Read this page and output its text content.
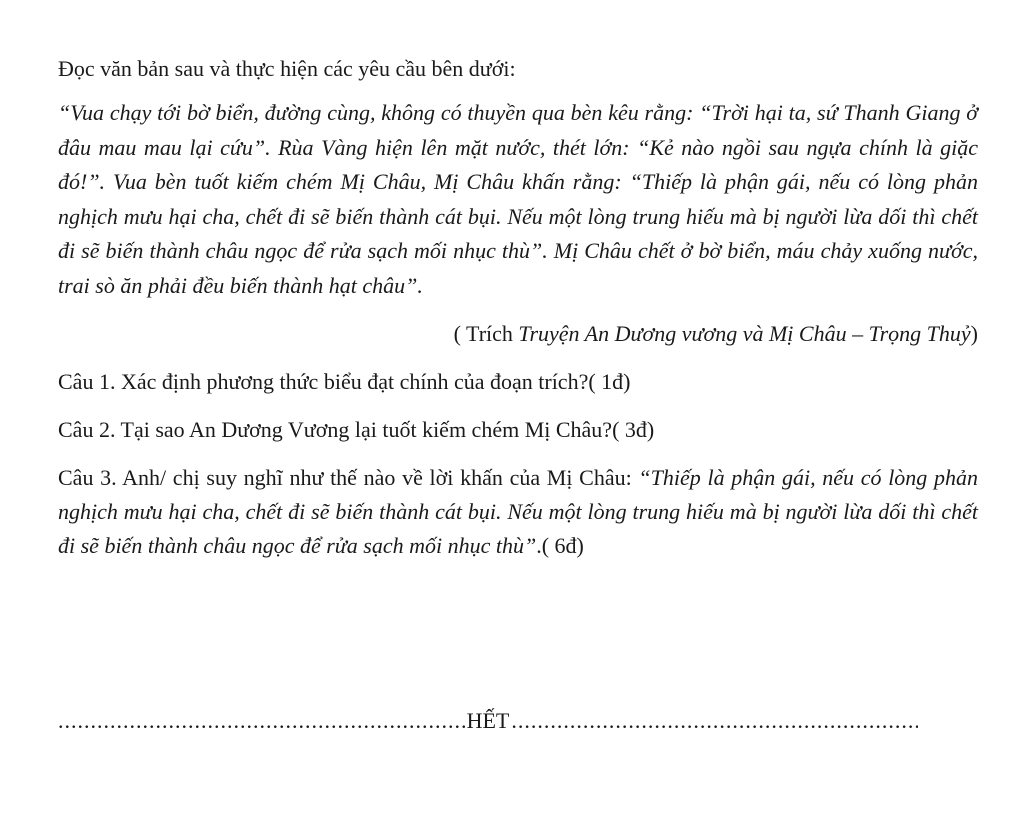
Đọc văn bản sau và thực hiện các yêu cầu bên dưới:

“Vua chạy tới bờ biển, đường cùng, không có thuyền qua bèn kêu rằng: “Trời hại ta, sứ Thanh Giang ở đâu mau mau lại cứu”. Rùa Vàng hiện lên mặt nước, thét lớn: “Kẻ nào ngồi sau ngựa chính là giặc đó!”. Vua bèn tuốt kiếm chém Mị Châu, Mị Châu khấn rằng: “Thiếp là phận gái, nếu có lòng phản nghịch mưu hại cha, chết đi sẽ biến thành cát bụi. Nếu một lòng trung hiếu mà bị người lừa dối thì chết đi sẽ biến thành châu ngọc để rửa sạch mối nhục thù”. Mị Châu chết ở bờ biển, máu chảy xuống nước, trai sò ăn phải đều biến thành hạt châu”.

( Trích Truyện An Dương vương và Mị Châu – Trọng Thuỷ)

Câu 1. Xác định phương thức biểu đạt chính của đoạn trích?( 1đ)

Câu 2. Tại sao An Dương Vương lại tuốt kiếm chém Mị Châu?( 3đ)

Câu 3. Anh/ chị suy nghĩ như thế nào về lời khấn của Mị Châu: “Thiếp là phận gái, nếu có lòng phản nghịch mưu hại cha, chết đi sẽ biến thành cát bụi. Nếu một lòng trung hiếu mà bị người lừa dối thì chết đi sẽ biến thành châu ngọc để rửa sạch mối nhục thù”.( 6đ)

.....
HẾT
.....
